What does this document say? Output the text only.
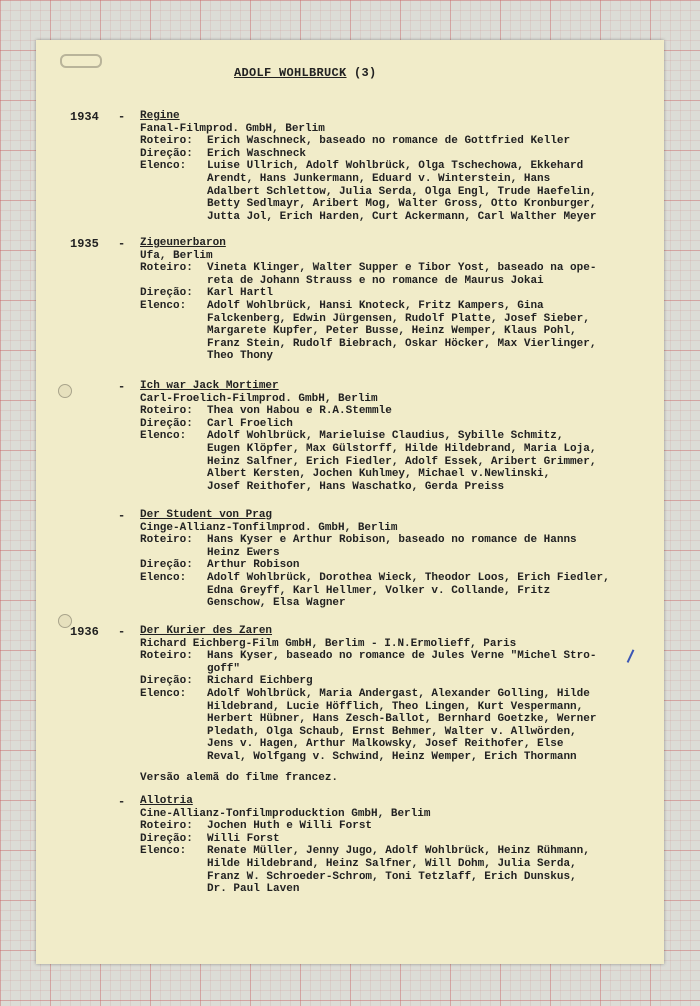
ADOLF WOHLBRUCK (3)
1934 - Regine
Fanal-Filmprod. GmbH, Berlim
Roteiro:	Erich Waschneck, baseado no romance de Gottfried Keller
Direção:	Erich Waschneck
Elenco:	Luise Ullrich, Adolf Wohlbrück, Olga Tschechowa, Ekkehard
Arendt, Hans Junkermann, Eduard v. Winterstein, Hans
Adalbert Schlettow, Julia Serda, Olga Engl, Trude Haefelin,
Betty Sedlmayr, Aribert Mog, Walter Gross, Otto Kronburger,
Jutta Jol, Erich Harden, Curt Ackermann, Carl Walther Meyer
1935 - Zigeunerbaron
Ufa, Berlim
Roteiro:	Vineta Klinger, Walter Supper e Tibor Yost, baseado na ope-
reta de Johann Strauss e no romance de Maurus Jokai
Direção:	Karl Hartl
Elenco:	Adolf Wohlbrück, Hansi Knoteck, Fritz Kampers, Gina
Falckenberg, Edwin Jürgensen, Rudolf Platte, Josef Sieber,
Margarete Kupfer, Peter Busse, Heinz Wemper, Klaus Pohl,
Franz Stein, Rudolf Biebrach, Oskar Höcker, Max Vierlinger,
Theo Thony
- Ich war Jack Mortimer
Carl-Froelich-Filmprod. GmbH, Berlim
Roteiro:	Thea von Habou e R.A.Stemmle
Direção:	Carl Froelich
Elenco:	Adolf Wohlbrück, Marieluise Claudius, Sybille Schmitz,
Eugen Klöpfer, Max Gülstorff, Hilde Hildebrand, Maria Loja,
Heinz Salfner, Erich Fiedler, Adolf Essek, Aribert Grimmer,
Albert Kersten, Jochen Kuhlmey, Michael v.Newlinski,
Josef Reithofer, Hans Waschatko, Gerda Preiss
- Der Student von Prag
Cinge-Allianz-Tonfilmprod. GmbH, Berlim
Roteiro:	Hans Kyser e Arthur Robison, baseado no romance de Hanns
Heinz Ewers
Direção:	Arthur Robison
Elenco:	Adolf Wohlbrück, Dorothea Wieck, Theodor Loos, Erich Fiedler,
Edna Greyff, Karl Hellmer, Volker v. Collande, Fritz
Genschow, Elsa Wagner
1936 - Der Kurier des Zaren
Richard Eichberg-Film GmbH, Berlim - I.N.Ermolieff, Paris
Roteiro:	Hans Kyser, baseado no romance de Jules Verne "Michel Stro-
goff"
Direção:	Richard Eichberg
Elenco:	Adolf Wohlbrück, Maria Andergast, Alexander Golling, Hilde
Hildebrand, Lucie Höfflich, Theo Lingen, Kurt Vespermann,
Herbert Hübner, Hans Zesch-Ballot, Bernhard Goetzke, Werner
Pledath, Olga Schaub, Ernst Behmer, Walter v. Allwörden,
Jens v. Hagen, Arthur Malkowsky, Josef Reithofer, Else
Reval, Wolfgang v. Schwind, Heinz Wemper, Erich Thormann
Versão alemã do filme francez.
- Allotria
Cine-Allianz-Tonfilmproducktion GmbH, Berlim
Roteiro:	Jochen Huth e Willi Forst
Direção:	Willi Forst
Elenco:	Renate Müller, Jenny Jugo, Adolf Wohlbrück, Heinz Rühmann,
Hilde Hildebrand, Heinz Salfner, Will Dohm, Julia Serda,
Franz W. Schroeder-Schrom, Toni Tetzlaff, Erich Dunskus,
Dr. Paul Laven
